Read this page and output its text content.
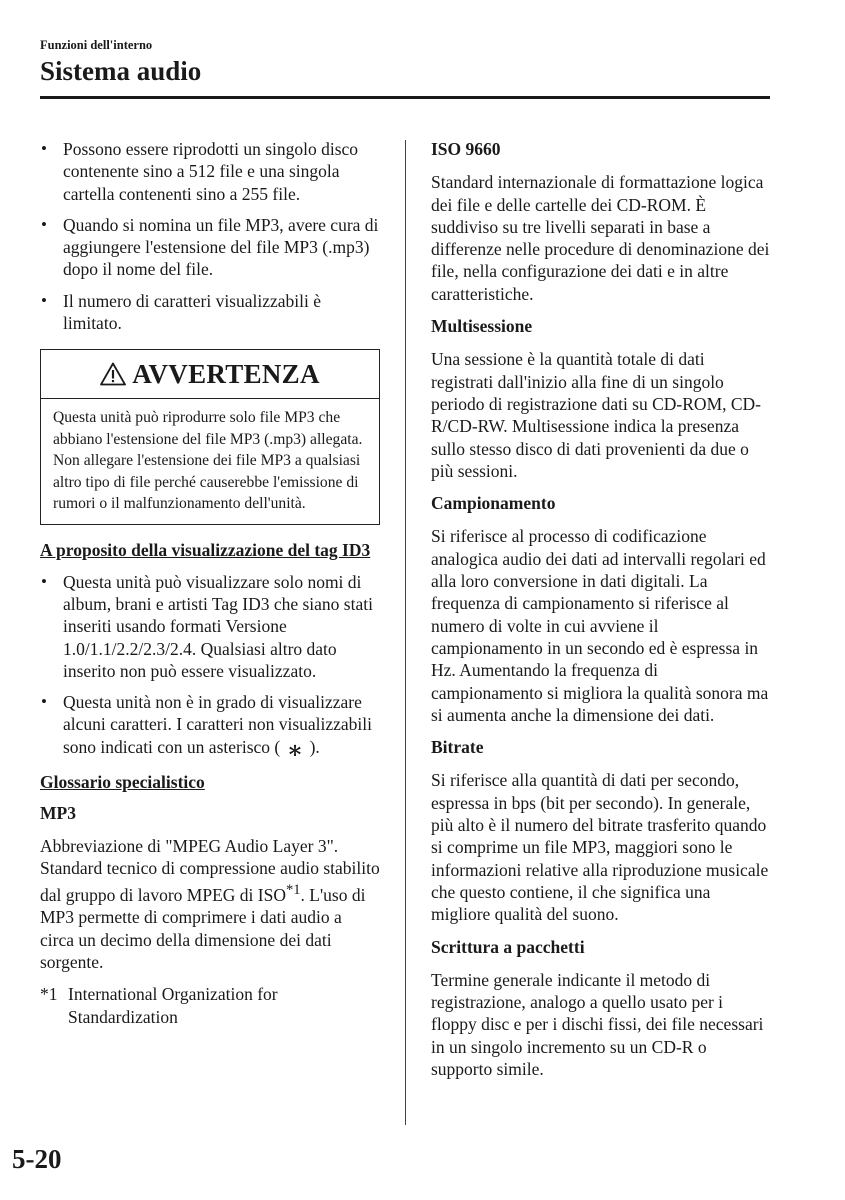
Funzioni dell'interno
Sistema audio
• Possono essere riprodotti un singolo disco contenente sino a 512 file e una singola cartella contenenti sino a 255 file.
• Quando si nomina un file MP3, avere cura di aggiungere l'estensione del file MP3 (.mp3) dopo il nome del file.
• Il numero di caratteri visualizzabili è limitato.
AVVERTENZA
Questa unità può riprodurre solo file MP3 che abbiano l'estensione del file MP3 (.mp3) allegata. Non allegare l'estensione dei file MP3 a qualsiasi altro tipo di file perché causerebbe l'emissione di rumori o il malfunzionamento dell'unità.
A proposito della visualizzazione del tag ID3
• Questa unità può visualizzare solo nomi di album, brani e artisti Tag ID3 che siano stati inseriti usando formati Versione 1.0/1.1/2.2/2.3/2.4. Qualsiasi altro dato inserito non può essere visualizzato.
• Questa unità non è in grado di visualizzare alcuni caratteri. I caratteri non visualizzabili sono indicati con un asterisco ( ∗ ).
Glossario specialistico
MP3

Abbreviazione di "MPEG Audio Layer 3". Standard tecnico di compressione audio stabilito dal gruppo di lavoro MPEG di ISO$^{*1}$. L'uso di MP3 permette di comprimere i dati audio a circa un decimo della dimensione dei dati sorgente.

*1 International Organization for Standardization
ISO 9660

Standard internazionale di formattazione logica dei file e delle cartelle dei CD-ROM. È suddiviso su tre livelli separati in base a differenze nelle procedure di denominazione dei file, nella configurazione dei dati e in altre caratteristiche.

Multisessione

Una sessione è la quantità totale di dati registrati dall'inizio alla fine di un singolo periodo di registrazione dati su CD-ROM, CD-R/CD-RW. Multisessione indica la presenza sullo stesso disco di dati provenienti da due o più sessioni.

Campionamento

Si riferisce al processo di codificazione analogica audio dei dati ad intervalli regolari ed alla loro conversione in dati digitali. La frequenza di campionamento si riferisce al numero di volte in cui avviene il campionamento in un secondo ed è espressa in Hz. Aumentando la frequenza di campionamento si migliora la qualità sonora ma si aumenta anche la dimensione dei dati.

Bitrate

Si riferisce alla quantità di dati per secondo, espressa in bps (bit per secondo). In generale, più alto è il numero del bitrate trasferito quando si comprime un file MP3, maggiori sono le informazioni relative alla riproduzione musicale che questo contiene, il che significa una migliore qualità del suono.

Scrittura a pacchetti

Termine generale indicante il metodo di registrazione, analogo a quello usato per i floppy disc e per i dischi fissi, dei file necessari in un singolo incremento su un CD-R o supporto simile.

5-20
